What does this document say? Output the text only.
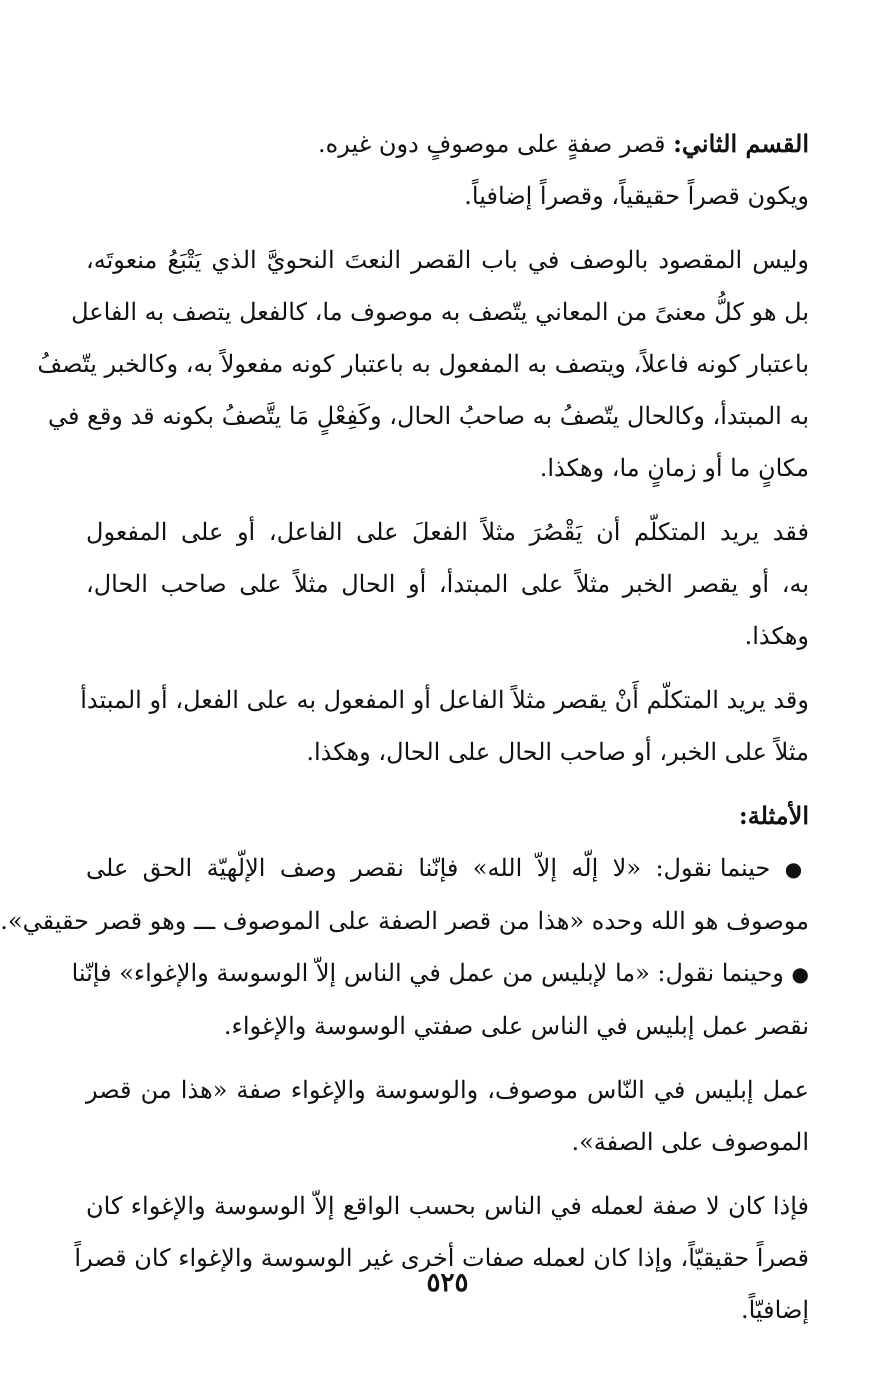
القسم الثاني: قصر صفةٍ على موصوفٍ دون غيره.
ويكون قصراً حقيقياً، وقصراً إضافياً.
وليس المقصود بالوصف في باب القصر النعتَ النحويَّ الذي يَتْبَعُ منعوتَه،
بل هو كلُّ معنىً من المعاني يتّصف به موصوف ما، كالفعل يتصف به الفاعل
باعتبار كونه فاعلاً، ويتصف به المفعول به باعتبار كونه مفعولاً به، وكالخبر يتّصفُ
به المبتدأ، وكالحال يتّصفُ به صاحبُ الحال، وكَفِعْلٍ مَا يتَّصفُ بكونه قد وقع في
مكانٍ ما أو زمانٍ ما، وهكذا.
فقد يريد المتكلّم أن يَقْصُرَ مثلاً الفعلَ على الفاعل، أو على المفعول
به، أو يقصر الخبر مثلاً على المبتدأ، أو الحال مثلاً على صاحب الحال،
وهكذا.
وقد يريد المتكلّم أَنْ يقصر مثلاً الفاعل أو المفعول به على الفعل، أو المبتدأ
مثلاً على الخبر، أو صاحب الحال على الحال، وهكذا.
الأمثلة:
● حينما نقول: «لا إلّه إلاّ الله» فإنّنا نقصر وصف الإلّهيّة الحق على
موصوف هو الله وحده «هذا من قصر الصفة على الموصوف ـــ وهو قصر حقيقي».
● وحينما نقول: «ما لإبليس من عمل في الناس إلاّ الوسوسة والإغواء» فإنّنا
نقصر عمل إبليس في الناس على صفتي الوسوسة والإغواء.
عمل إبليس في النّاس موصوف، والوسوسة والإغواء صفة «هذا من قصر
الموصوف على الصفة».
فإذا كان لا صفة لعمله في الناس بحسب الواقع إلاّ الوسوسة والإغواء كان
قصراً حقيقيّاً، وإذا كان لعمله صفات أخرى غير الوسوسة والإغواء كان قصراً
إضافيّاً.
٥٢٥
